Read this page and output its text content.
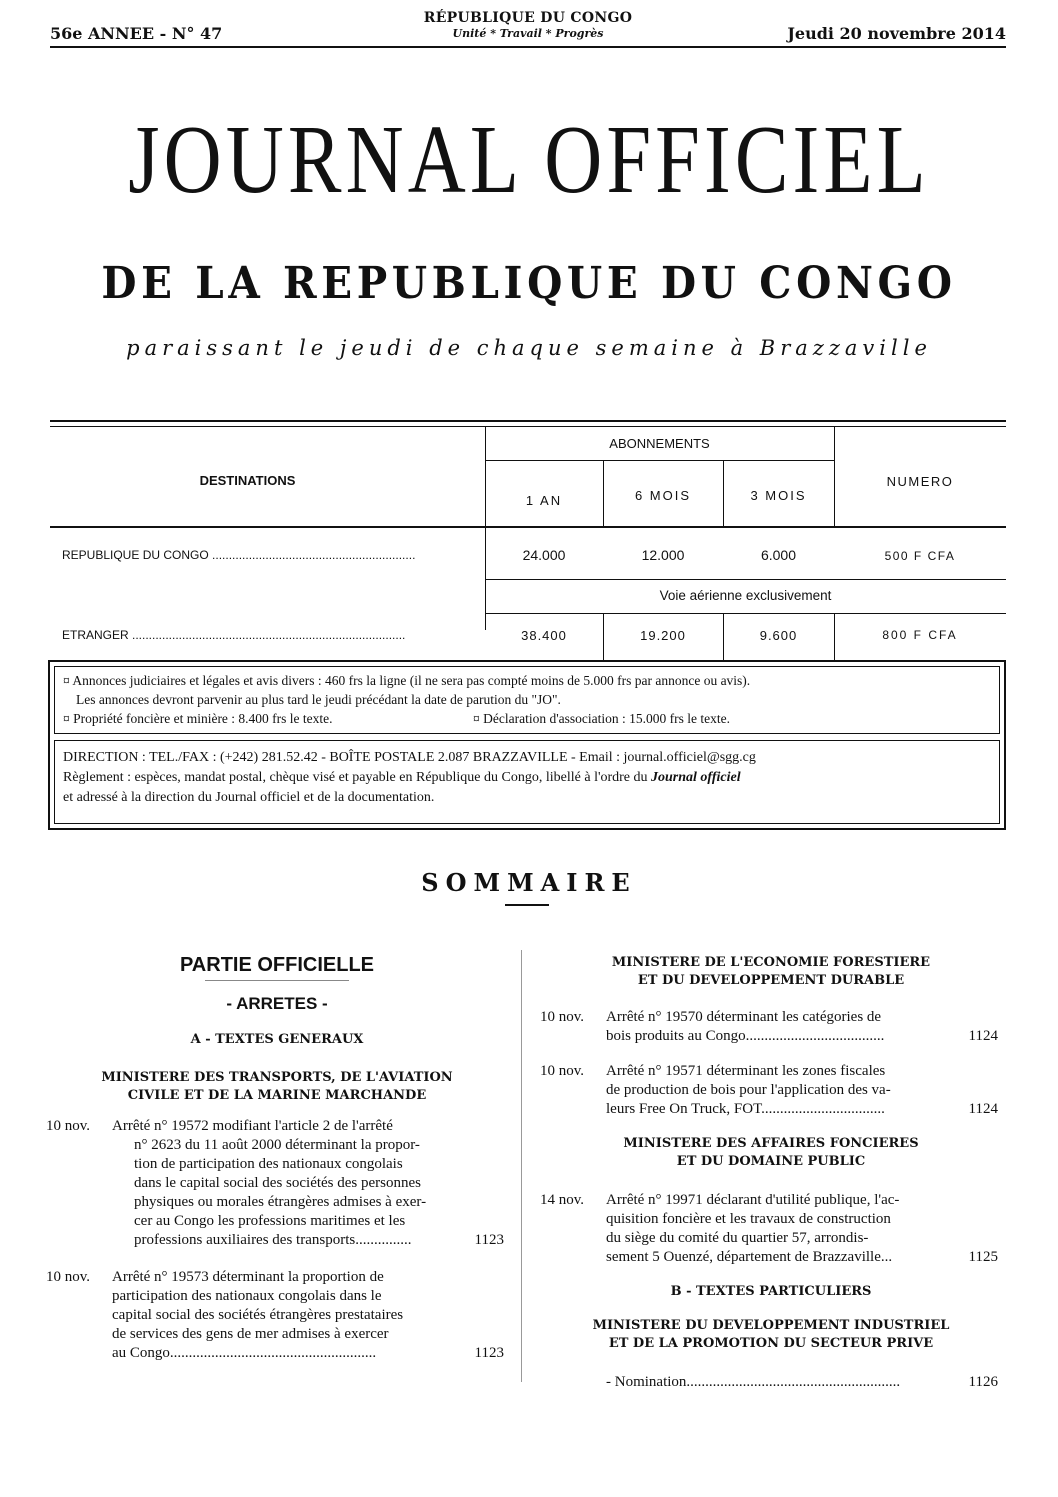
56e ANNEE - N° 47
RÉPUBLIQUE DU CONGO
Unité * Travail * Progrès	Jeudi 20 novembre 2014
JOURNAL OFFICIEL
DE LA REPUBLIQUE DU CONGO
paraissant le jeudi de chaque semaine à Brazzaville
DESTINATIONS
ABONNEMENTS
NUMERO
1 AN	6 MOIS	3 MOIS
REPUBLIQUE DU CONGO .............................................................	24.000	12.000	6.000	500 F CFA
Voie aérienne exclusivement
ETRANGER ..................................................................................	38.400	19.200	9.600	800 F CFA

¤ Annonces judiciaires et légales et avis divers : 460 frs la ligne (il ne sera pas compté moins de 5.000 frs par annonce ou avis).

Les annonces devront parvenir au plus tard le jeudi précédant la date de parution du "JO".

¤ Propriété foncière et minière : 8.400 frs le texte.	¤ Déclaration d'association : 15.000 frs le texte.

DIRECTION : TEL./FAX : (+242) 281.52.42 - BOÎTE POSTALE 2.087 BRAZZAVILLE - Email : journal.officiel@sgg.cg

Règlement : espèces, mandat postal, chèque visé et payable en République du Congo, libellé à l'ordre du Journal officiel

et adressé à la direction du Journal officiel et de la documentation.

SOMMAIRE
PARTIE OFFICIELLE
- ARRETES -
A - TEXTES GENERAUX
MINISTERE DES TRANSPORTS, DE L'AVIATION
CIVILE ET DE LA MARINE MARCHANDE
10 nov. Arrêté n° 19572 modifiant l'article 2 de l'arrêté
n° 2623 du 11 août 2000 déterminant la propor-
tion de participation des nationaux congolais
dans le capital social des sociétés des personnes
physiques ou morales étrangères admises à exer-
cer au Congo les professions maritimes et les
professions auxiliaires des transports...............	1123
10 nov. Arrêté n° 19573 déterminant la proportion de
participation des nationaux congolais dans le
capital social des sociétés étrangères prestataires
de services des gens de mer admises à exercer
au Congo.......................................................	1123
MINISTERE DE L'ECONOMIE FORESTIERE
ET DU DEVELOPPEMENT DURABLE
10 nov. Arrêté n° 19570 déterminant les catégories de
bois produits au Congo.....................................	1124
10 nov. Arrêté n° 19571 déterminant les zones fiscales
de production de bois pour l'application des va-
leurs Free On Truck, FOT.................................	1124
MINISTERE DES AFFAIRES FONCIERES
ET DU DOMAINE PUBLIC
14 nov. Arrêté n° 19971 déclarant d'utilité publique, l'ac-
quisition foncière et les travaux de construction
du siège du comité du quartier 57, arrondis-
sement 5 Ouenzé, département de Brazzaville...	1125
B - TEXTES PARTICULIERS
MINISTERE DU DEVELOPPEMENT INDUSTRIEL
ET DE LA PROMOTION DU SECTEUR PRIVE
- Nomination.........................................................	1126
